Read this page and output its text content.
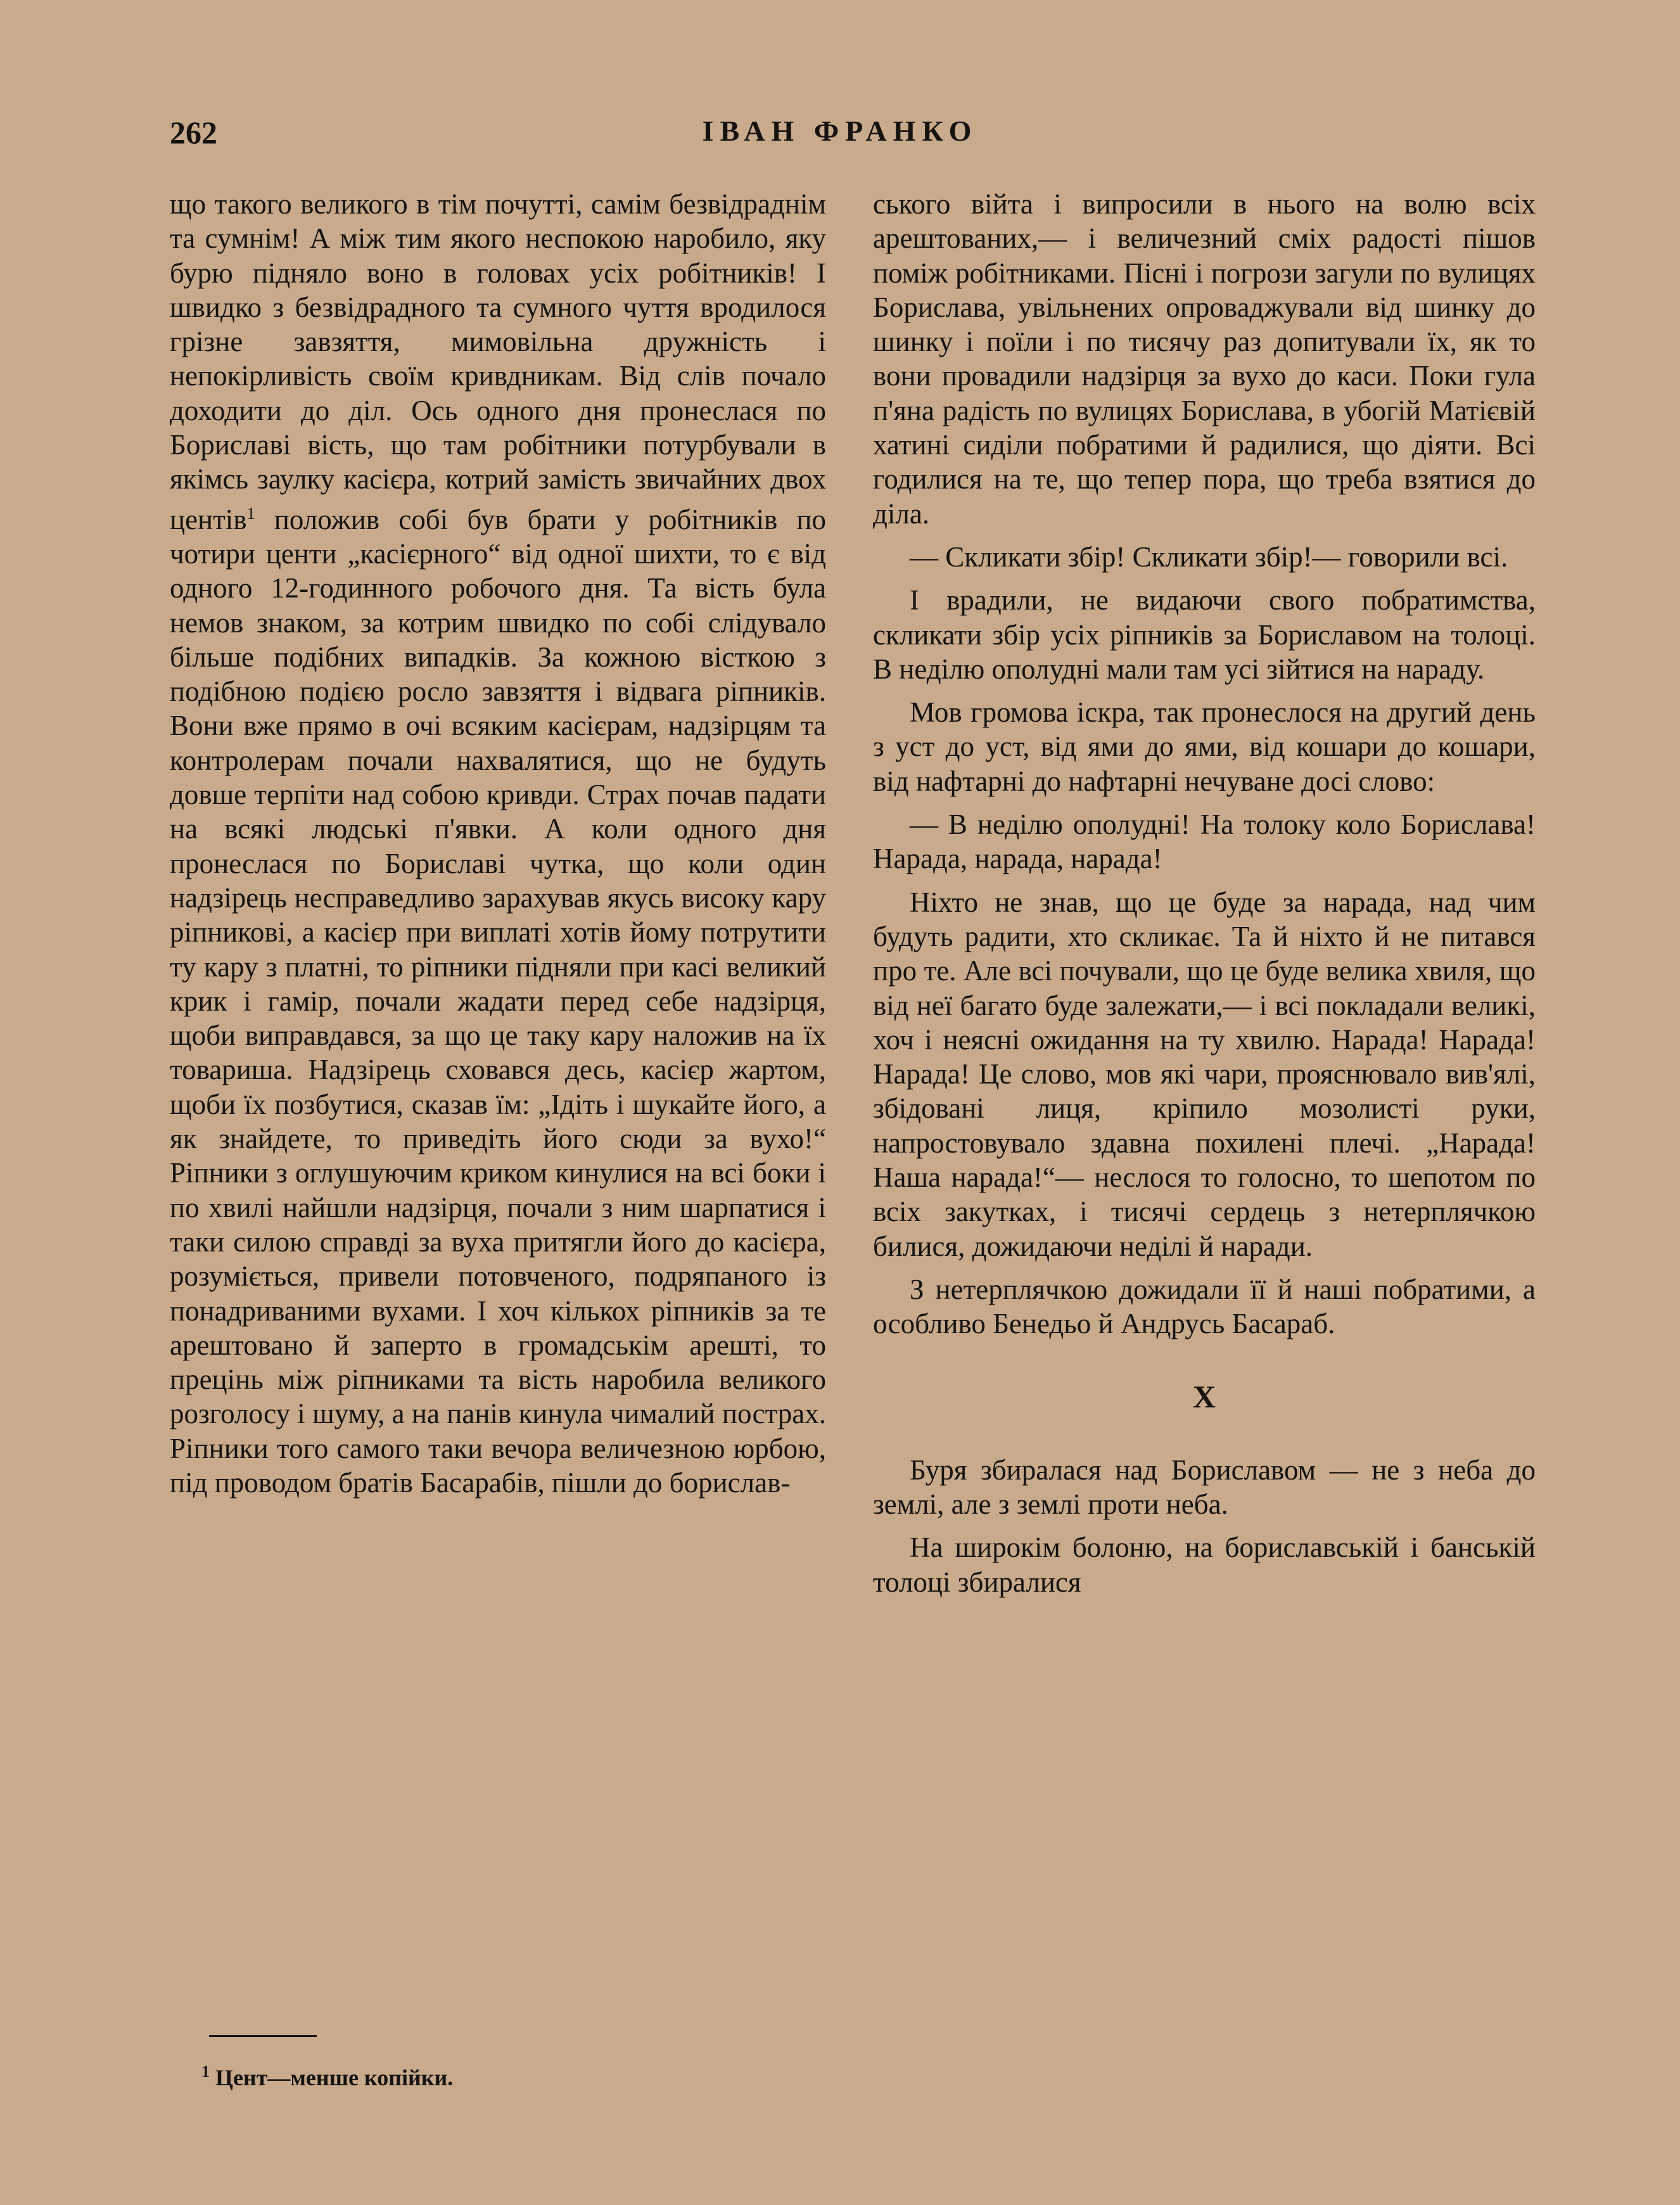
262	ІВАН ФРАНКО

що такого великого в тім почутті, самім безвідраднім та сумнім! А між тим якого неспокою наробило, яку бурю підняло воно в головах усіх робітників! І швидко з безвідрадного та сумного чуття вродилося грізне завзяття, мимовільна дружність і непокірливість своїм кривдникам. Від слів почало доходити до діл. Ось одного дня пронеслася по Бориславі вість, що там робітники потурбували в якімсь заулку касієра, котрий замість звичайних двох центів$^1$ положив собі був брати у робітників по чотири центи „касієрного“ від одної шихти, то є від одного 12-годинного робочого дня. Та вість була немов знаком, за котрим швидко по собі слідувало більше подібних випадків. За кожною вісткою з подібною подією росло завзяття і відвага ріпників. Вони вже прямо в очі всяким касієрам, надзірцям та контролерам почали нахвалятися, що не будуть довше терпіти над собою кривди. Страх почав падати на всякі людські п'явки. А коли одного дня пронеслася по Бориславі чутка, що коли один надзірець несправедливо зарахував якусь високу кару ріпникові, а касієр при виплаті хотів йому потрутити ту кару з платні, то ріпники підняли при касі великий крик і гамір, почали жадати перед себе надзірця, щоби виправдався, за що це таку кару наложив на їх товариша. Надзірець сховався десь, касієр жартом, щоби їх позбутися, сказав їм: „Ідіть і шукайте його, а як знайдете, то приведіть його сюди за вухо!“ Ріпники з оглушуючим криком кинулися на всі боки і по хвилі найшли надзірця, почали з ним шарпатися і таки силою справді за вуха притягли його до касієра, розуміється, привели потовченого, подряпаного із понадриваними вухами. І хоч кількох ріпників за те арештовано й заперто в громадськім арешті, то прецінь між ріпниками та вість наробила великого розголосу і шуму, а на панів кинула чималий пострах. Ріпники того самого таки вечора величезною юрбою, під проводом братів Басарабів, пішли до борислав-

ського війта і випросили в нього на волю всіх арештованих,— і величезний сміх радості пішов поміж робітниками. Пісні і погрози загули по вулицях Борислава, увільнених опроваджували від шинку до шинку і поїли і по тисячу раз допитували їх, як то вони провадили надзірця за вухо до каси. Поки гула п'яна радість по вулицях Борислава, в убогій Матієвій хатині сиділи побратими й радилися, що діяти. Всі годилися на те, що тепер пора, що треба взятися до діла.

— Скликати збір! Скликати збір!— говорили всі.

І врадили, не видаючи свого побратимства, скликати збір усіх ріпників за Бориславом на толоці. В неділю ополудні мали там усі зійтися на нараду.

Мов громова іскра, так пронеслося на другий день з уст до уст, від ями до ями, від кошари до кошари, від нафтарні до нафтарні нечуване досі слово:

— В неділю ополудні! На толоку коло Борислава! Нарада, нарада, нарада!

Ніхто не знав, що це буде за нарада, над чим будуть радити, хто скликає. Та й ніхто й не питався про те. Але всі почували, що це буде велика хвиля, що від неї багато буде залежати,— і всі покладали великі, хоч і неясні ожидання на ту хвилю. Нарада! Нарада! Нарада! Це слово, мов які чари, прояснювало вив'ялі, збідовані лиця, кріпило мозолисті руки, напростовувало здавна похилені плечі. „Нарада! Наша нарада!“— неслося то голосно, то шепотом по всіх закутках, і тисячі сердець з нетерплячкою билися, дожидаючи неділі й наради.

З нетерплячкою дожидали її й наші побратими, а особливо Бенедьо й Андрусь Басараб.

X

Буря збиралася над Бориславом — не з неба до землі, але з землі проти неба.

На широкім болоню, на бориславській і банській толоці збиралися

$^1$ Цент—менше копійки.
